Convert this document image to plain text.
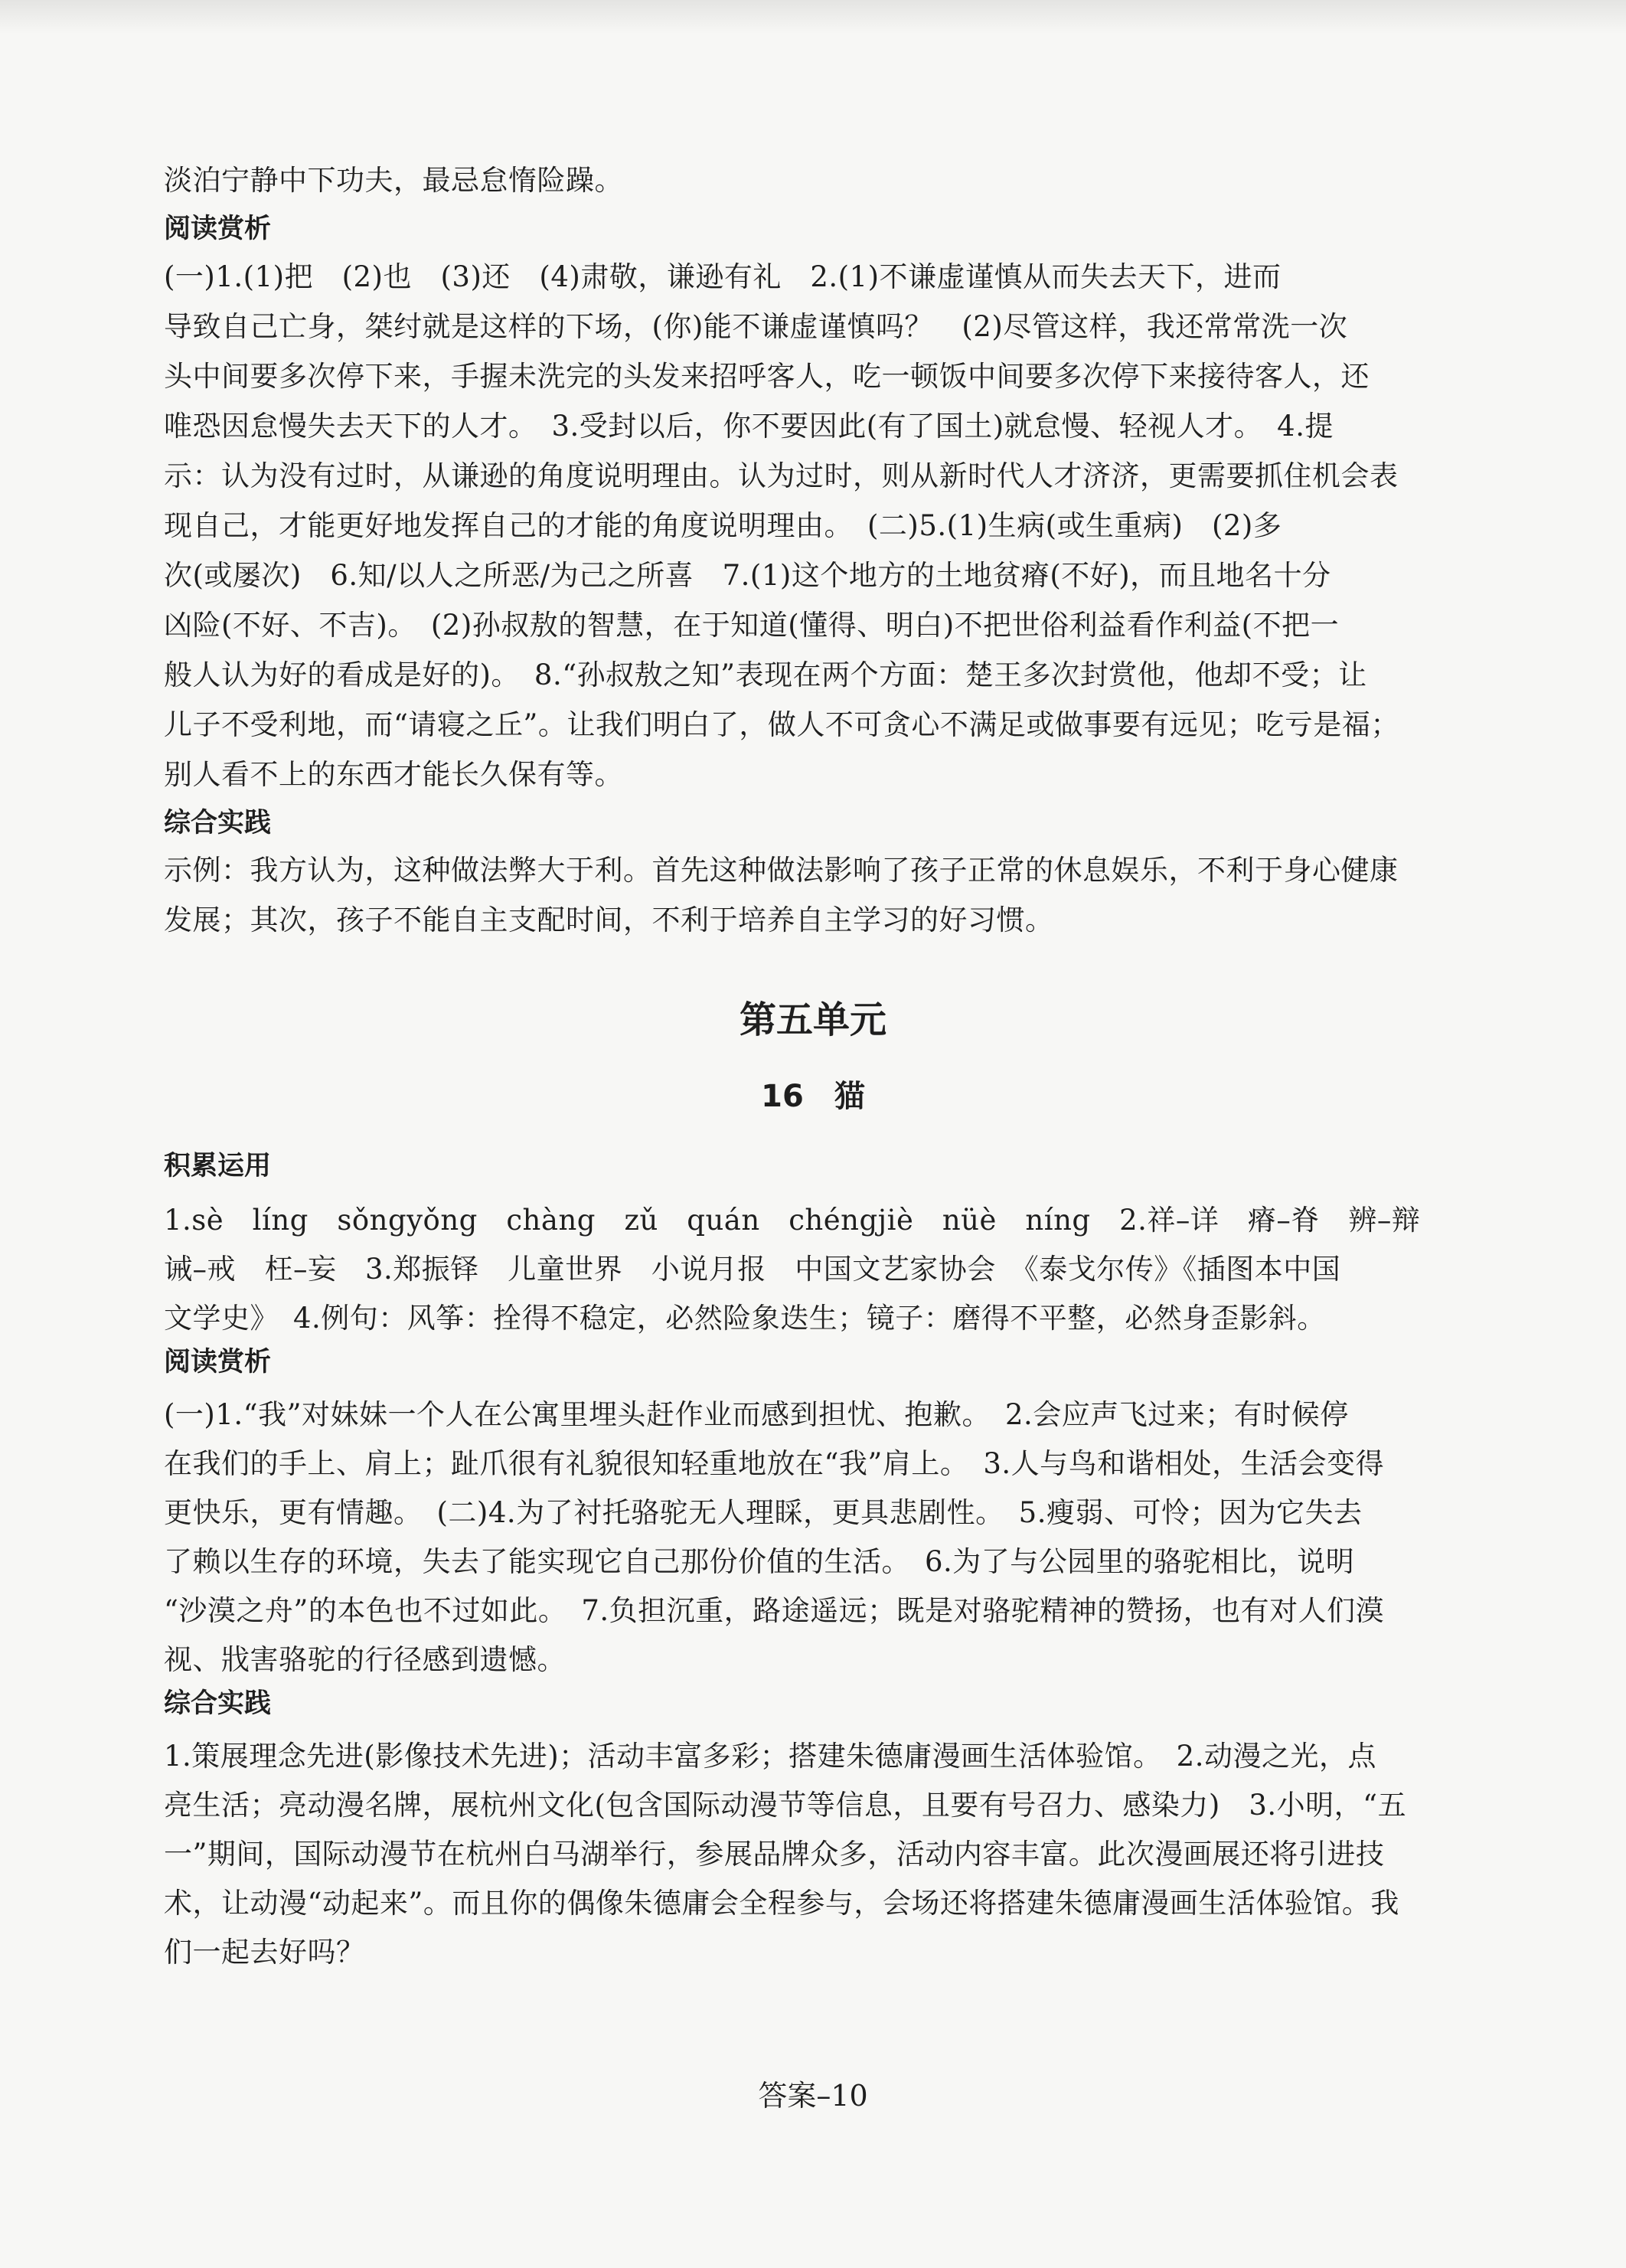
淡泊宁静中下功夫，最忌怠惰险躁。
阅读赏析
(一)1.(1)把　(2)也　(3)还　(4)肃敬，谦逊有礼　2.(1)不谦虚谨慎从而失去天下，进而
导致自己亡身，桀纣就是这样的下场，(你)能不谦虚谨慎吗？　(2)尽管这样，我还常常洗一次
头中间要多次停下来，手握未洗完的头发来招呼客人，吃一顿饭中间要多次停下来接待客人，还
唯恐因怠慢失去天下的人才。　3.受封以后，你不要因此(有了国土)就怠慢、轻视人才。　4.提
示：认为没有过时，从谦逊的角度说明理由。认为过时，则从新时代人才济济，更需要抓住机会表
现自己，才能更好地发挥自己的才能的角度说明理由。　(二)5.(1)生病(或生重病)　(2)多
次(或屡次)　6.知/以人之所恶/为己之所喜　7.(1)这个地方的土地贫瘠(不好)，而且地名十分
凶险(不好、不吉)。　(2)孙叔敖的智慧，在于知道(懂得、明白)不把世俗利益看作利益(不把一
般人认为好的看成是好的)。　8.“孙叔敖之知”表现在两个方面：楚王多次封赏他，他却不受；让
儿子不受利地，而“请寝之丘”。让我们明白了，做人不可贪心不满足或做事要有远见；吃亏是福；
别人看不上的东西才能长久保有等。
综合实践
示例：我方认为，这种做法弊大于利。首先这种做法影响了孩子正常的休息娱乐，不利于身心健康
发展；其次，孩子不能自主支配时间，不利于培养自主学习的好习惯。
第五单元
16　猫
积累运用
1.sè　líng　sǒngyǒng　chàng　zǔ　quán　chéngjiè　nüè　níng　2.祥–详　瘠–脊　辨–辩
诫–戒　枉–妄　3.郑振铎　儿童世界　小说月报　中国文艺家协会　《泰戈尔传》《插图本中国
文学史》　4.例句：风筝：拴得不稳定，必然险象迭生；镜子：磨得不平整，必然身歪影斜。
阅读赏析
(一)1.“我”对妹妹一个人在公寓里埋头赶作业而感到担忧、抱歉。　2.会应声飞过来；有时候停
在我们的手上、肩上；趾爪很有礼貌很知轻重地放在“我”肩上。　3.人与鸟和谐相处，生活会变得
更快乐，更有情趣。　(二)4.为了衬托骆驼无人理睬，更具悲剧性。　5.瘦弱、可怜；因为它失去
了赖以生存的环境，失去了能实现它自己那份价值的生活。　6.为了与公园里的骆驼相比，说明
“沙漠之舟”的本色也不过如此。　7.负担沉重，路途遥远；既是对骆驼精神的赞扬，也有对人们漠
视、戕害骆驼的行径感到遗憾。
综合实践
1.策展理念先进(影像技术先进)；活动丰富多彩；搭建朱德庸漫画生活体验馆。　2.动漫之光，点
亮生活；亮动漫名牌，展杭州文化(包含国际动漫节等信息，且要有号召力、感染力)　3.小明，“五
一”期间，国际动漫节在杭州白马湖举行，参展品牌众多，活动内容丰富。此次漫画展还将引进技
术，让动漫“动起来”。而且你的偶像朱德庸会全程参与，会场还将搭建朱德庸漫画生活体验馆。我
们一起去好吗？
答案–10
